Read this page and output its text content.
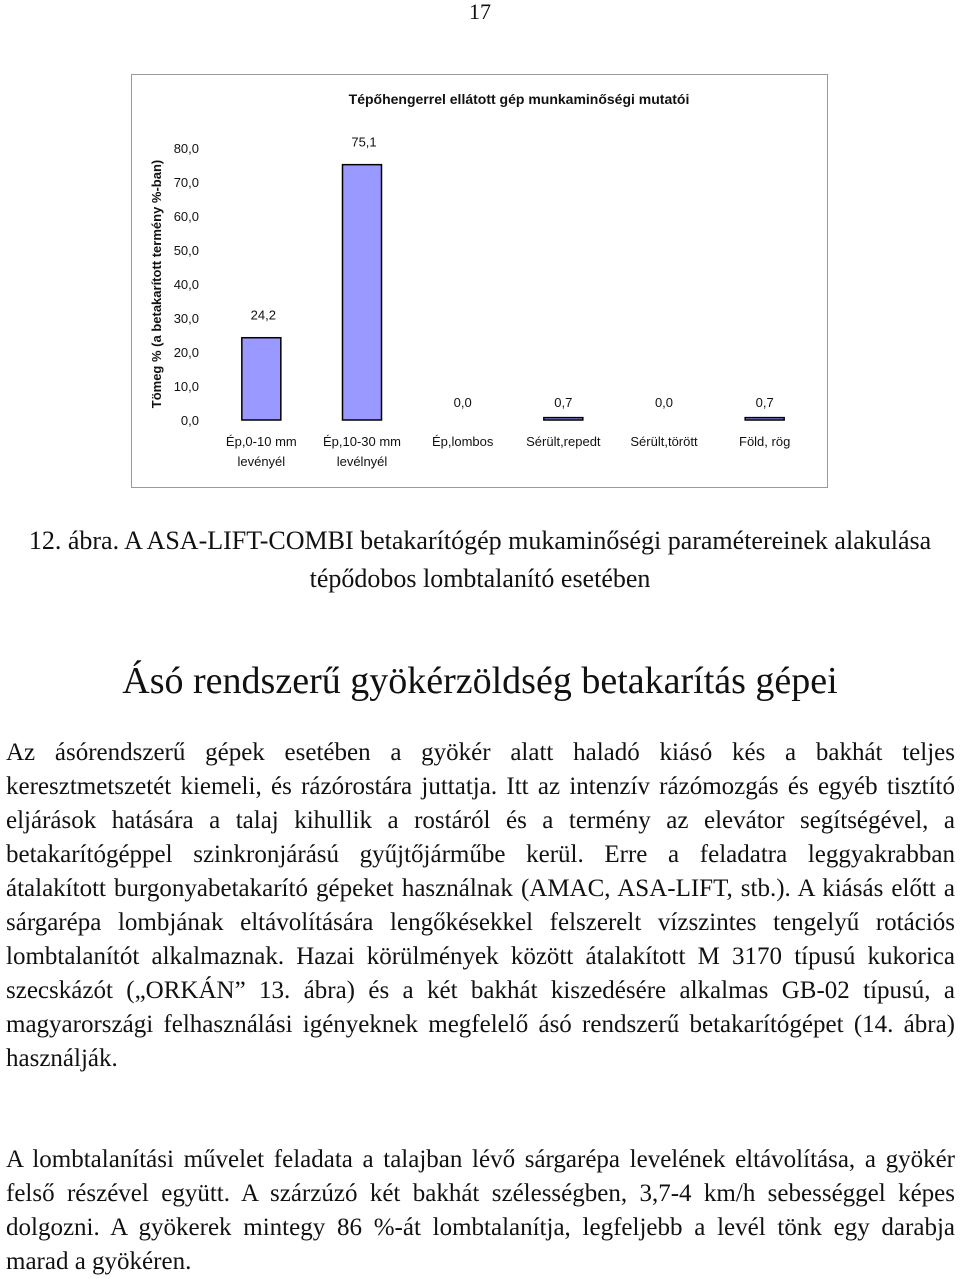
17
Tépőhengerrel ellátott gép munkaminőségi mutatói
Tömeg % (a betakarított termény %-ban)
0,0
10,0
20,0
30,0
40,0
50,0
60,0
70,0
80,0
24,2
Ép,0-10 mm
levényél
75,1
Ép,10-30 mm
levélnyél
0,0
Ép,lombos
0,7
Sérült,repedt
0,0
Sérült,törött
0,7
Föld, rög
12. ábra. A ASA-LIFT-COMBI betakarítógép mukaminőségi paramétereinek alakulása tépődobos lombtalanító esetében
Ásó rendszerű gyökérzöldség betakarítás gépei

Az ásórendszerű gépek esetében a gyökér alatt haladó kiásó kés a bakhát teljes keresztmetszetét kiemeli, és rázórostára juttatja. Itt az intenzív rázómozgás és egyéb tisztító eljárások hatására a talaj kihullik a rostáról és a termény az elevátor segítségével, a betakarítógéppel szinkronjárású gyűjtőjárműbe kerül. Erre a feladatra leggyakrabban átalakított burgonyabetakarító gépeket használnak (AMAC, ASA-LIFT, stb.). A kiásás előtt a sárgarépa lombjának eltávolítására lengőkésekkel felszerelt vízszintes tengelyű rotációs lombtalanítót alkalmaznak. Hazai körülmények között átalakított M 3170 típusú kukorica szecskázót („ORKÁN” 13. ábra) és a két bakhát kiszedésére alkalmas GB-02 típusú, a magyarországi felhasználási igényeknek megfelelő ásó rendszerű betakarítógépet (14. ábra) használják.

A lombtalanítási művelet feladata a talajban lévő sárgarépa levelének eltávolítása, a gyökér felső részével együtt. A szárzúzó két bakhát szélességben, 3,7-4 km/h sebességgel képes dolgozni. A gyökerek mintegy 86 %-át lombtalanítja, legfeljebb a levél tönk egy darabja marad a gyökéren.
